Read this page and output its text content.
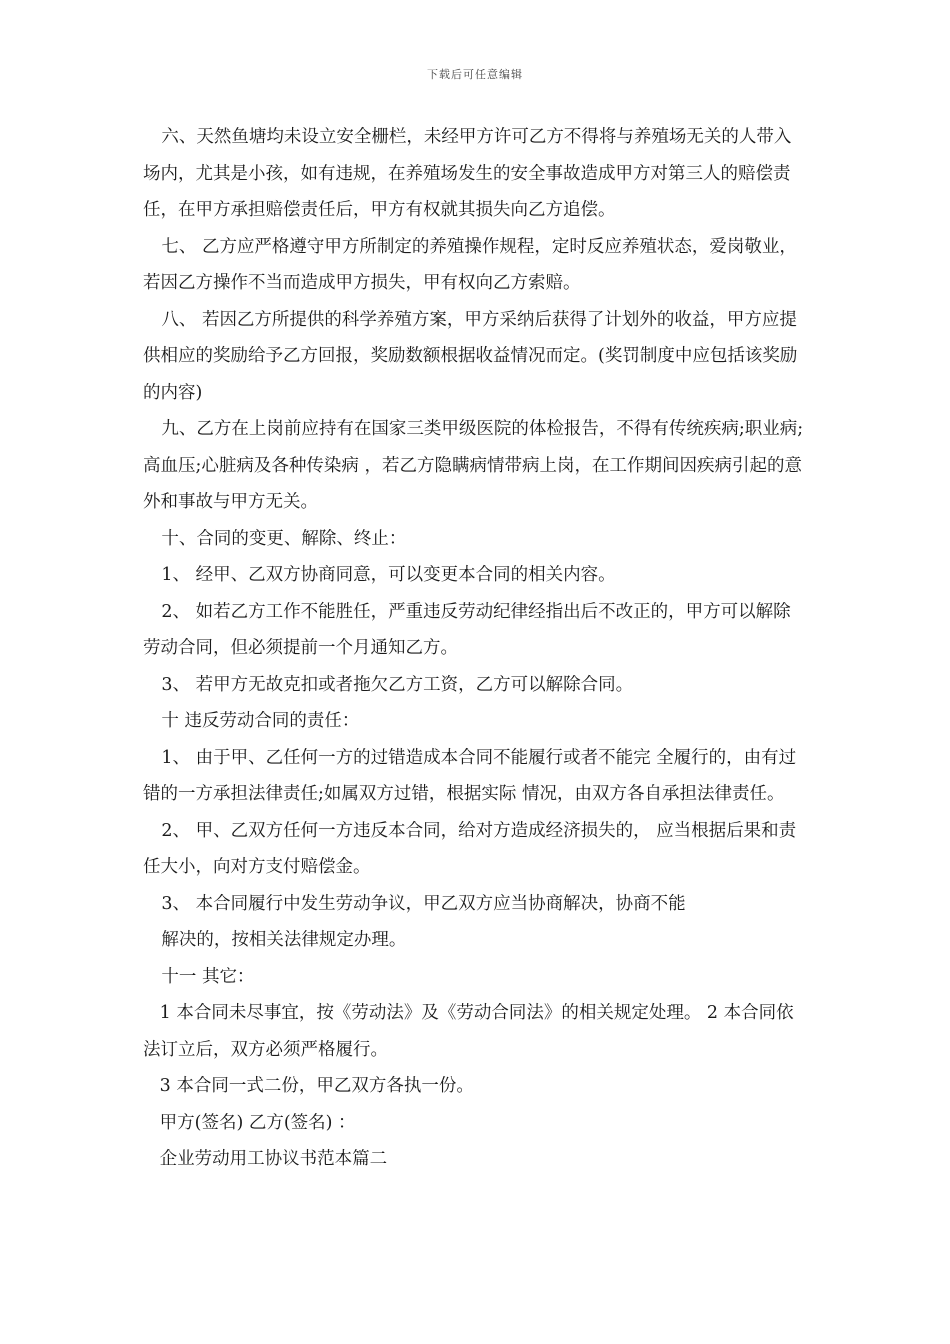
下载后可任意编辑

六、天然鱼塘均未设立安全栅栏，未经甲方许可乙方不得将与养殖场无关的人带入场内，尤其是小孩，如有违规，在养殖场发生的安全事故造成甲方对第三人的赔偿责任，在甲方承担赔偿责任后，甲方有权就其损失向乙方追偿。

七、 乙方应严格遵守甲方所制定的养殖操作规程，定时反应养殖状态，爱岗敬业，若因乙方操作不当而造成甲方损失，甲有权向乙方索赔。

八、 若因乙方所提供的科学养殖方案，甲方采纳后获得了计划外的收益，甲方应提供相应的奖励给予乙方回报，奖励数额根据收益情况而定。(奖罚制度中应包括该奖励的内容)

九、乙方在上岗前应持有在国家三类甲级医院的体检报告，不得有传统疾病;职业病;高血压;心脏病及各种传染病 ，若乙方隐瞒病情带病上岗，在工作期间因疾病引起的意外和事故与甲方无关。

十、合同的变更、解除、终止：

1、 经甲、乙双方协商同意，可以变更本合同的相关内容。

2、 如若乙方工作不能胜任，严重违反劳动纪律经指出后不改正的，甲方可以解除劳动合同，但必须提前一个月通知乙方。

3、 若甲方无故克扣或者拖欠乙方工资，乙方可以解除合同。

十 违反劳动合同的责任：

1、 由于甲、乙任何一方的过错造成本合同不能履行或者不能完 全履行的，由有过错的一方承担法律责任;如属双方过错，根据实际 情况，由双方各自承担法律责任。

2、 甲、乙双方任何一方违反本合同，给对方造成经济损失的， 应当根据后果和责任大小，向对方支付赔偿金。

3、 本合同履行中发生劳动争议，甲乙双方应当协商解决，协商不能

解决的，按相关法律规定办理。

十一 其它：

1 本合同未尽事宜，按《劳动法》及《劳动合同法》的相关规定处理。 2 本合同依法订立后，双方必须严格履行。

3 本合同一式二份，甲乙双方各执一份。

甲方(签名) 乙方(签名) ：

企业劳动用工协议书范本篇二
